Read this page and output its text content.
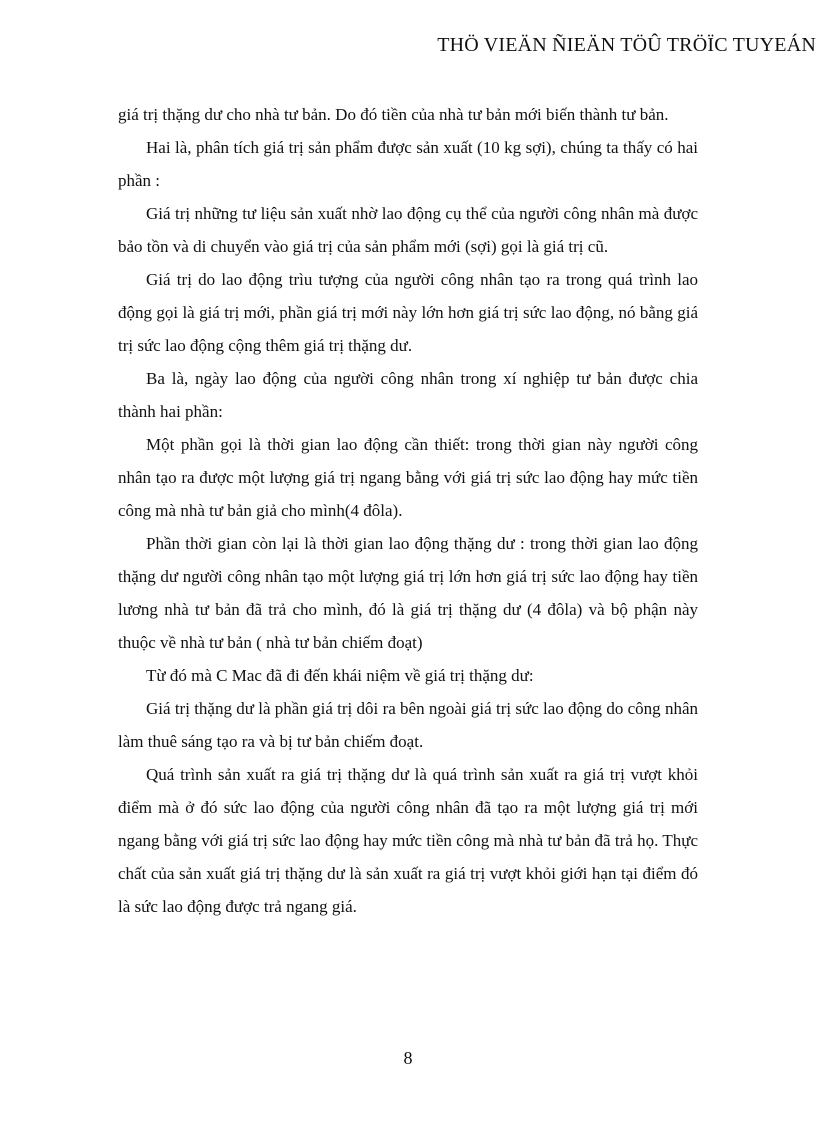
THÖ VIEÄN ÑIEÄN TÖÛ TRÖÏC TUYEÁN

giá trị thặng dư cho nhà tư bản. Do đó tiền của nhà tư bản mới biến thành tư bản.

Hai là, phân tích giá trị sản phẩm được sản xuất (10 kg sợi), chúng ta thấy có hai phần :

Giá trị những tư liệu sản xuất nhờ lao động cụ thể của người công nhân mà được bảo tồn và di chuyển vào giá trị của sản phẩm mới (sợi) gọi là giá trị cũ.

Giá trị do lao động trìu tượng của người công nhân tạo ra trong quá trình lao động gọi là giá trị mới, phần giá trị mới này lớn hơn giá trị sức lao động, nó bằng giá trị sức lao động cộng thêm giá trị thặng dư.

Ba là, ngày lao động của người công nhân trong xí nghiệp tư bản được chia thành hai phần:

Một phần gọi là thời gian lao động cần thiết: trong thời gian này người công nhân tạo ra được một lượng giá trị ngang bằng với giá trị sức lao động hay mức tiền công mà nhà tư bản giả cho mình(4 đôla).

Phần thời gian còn lại là thời gian lao động thặng dư : trong thời gian lao động thặng dư người công nhân tạo một lượng giá trị lớn hơn giá trị sức lao động hay tiền lương nhà tư bản đã trả cho mình, đó là giá trị thặng dư (4 đôla) và bộ phận này thuộc về nhà tư bản ( nhà tư bản chiếm đoạt)

Từ đó mà C Mac đã đi đến khái niệm về giá trị thặng dư:

Giá trị thặng dư là phần giá trị dôi ra bên ngoài giá trị sức lao động do công nhân làm thuê sáng tạo ra và bị tư bản chiếm đoạt.

Quá trình sản xuất ra giá trị thặng dư là quá trình sản xuất ra giá trị vượt khỏi điểm mà ở đó sức lao động của người công nhân đã tạo ra một lượng giá trị mới ngang bằng với giá trị sức lao động hay mức tiền công mà nhà tư bản đã trả họ. Thực chất của sản xuất giá trị thặng dư là sản xuất ra giá trị vượt khỏi giới hạn tại điểm đó là sức lao động được trả ngang giá.

8
